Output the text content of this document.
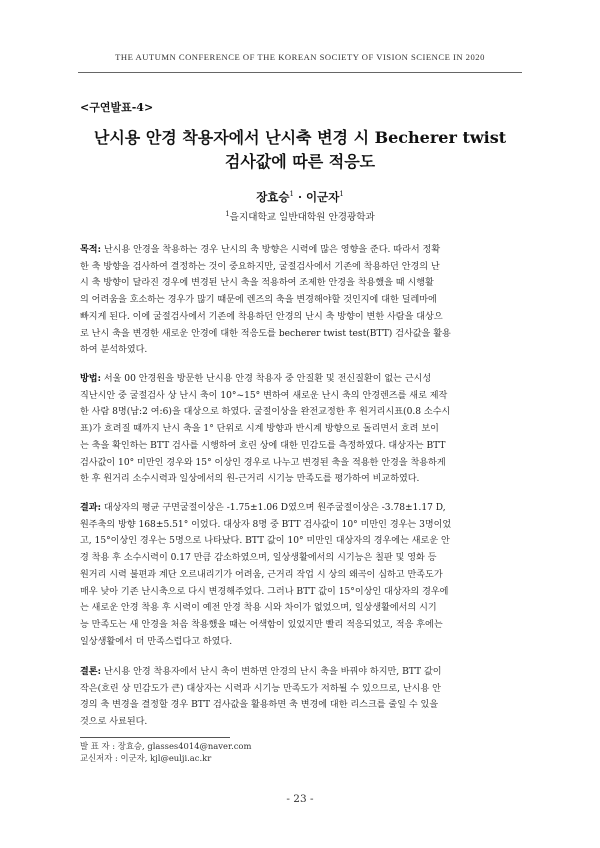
THE AUTUMN CONFERENCE OF THE KOREAN SOCIETY OF VISION SCIENCE IN 2020
<구연발표-4>
난시용 안경 착용자에서 난시축 변경 시 Becherer twist
검사값에 따른 적응도
장효승$^1$ · 이군자$^1$
$^1$을지대학교 일반대학원 안경광학과
목적: 난시용 안경을 착용하는 경우 난시의 축 방향은 시력에 많은 영향을 준다. 따라서 정확
한 축 방향을 검사하여 결정하는 것이 중요하지만, 굴절검사에서 기존에 착용하던 안경의 난
시 축 방향이 달라진 경우에 변경된 난시 축을 적용하여 조제한 안경을 착용했을 때 시행활
의 어려움을 호소하는 경우가 많기 때문에 렌즈의 축을 변경해야할 것인지에 대한 딜레마에
빠지게 된다. 이에 굴절검사에서 기존에 착용하던 안경의 난시 축 방향이 변한 사람을 대상으
로 난시 축을 변경한 새로운 안경에 대한 적응도를 becherer twist test(BTT) 검사값을 활용
하여 분석하였다.
방법: 서울 00 안경원을 방문한 난시용 안경 착용자 중 안질환 및 전신질환이 없는 근시성
직난시안 중 굴절검사 상 난시 축이 10°~15° 변하여 새로운 난시 축의 안경렌즈를 새로 제작
한 사람 8명(남:2 여:6)을 대상으로 하였다. 굴절이상을 완전교정한 후 원거리시표(0.8 소수시
표)가 흐려질 때까지 난시 축을 1° 단위로 시계 방향과 반시계 방향으로 돌리면서 흐려 보이
는 축을 확인하는 BTT 검사를 시행하여 흐린 상에 대한 민감도를 측정하였다. 대상자는 BTT
검사값이 10° 미만인 경우와 15° 이상인 경우로 나누고 변경된 축을 적용한 안경을 착용하게
한 후 원거리 소수시력과 일상에서의 원-근거리 시기능 만족도를 평가하여 비교하였다.
결과: 대상자의 평균 구면굴절이상은 -1.75±1.06 D였으며 원주굴절이상은 -3.78±1.17 D,
원주축의 방향 168±5.51° 이었다. 대상자 8명 중 BTT 검사값이 10° 미만인 경우는 3명이었
고, 15°이상인 경우는 5명으로 나타났다. BTT 값이 10° 미만인 대상자의 경우에는 새로운 안
경 착용 후 소수시력이 0.17 만큼 감소하였으며, 일상생활에서의 시기능은 칠판 및 영화 등
원거리 시력 불편과 계단 오르내리기가 어려움, 근거리 작업 시 상의 왜곡이 심하고 만족도가
매우 낮아 기존 난시축으로 다시 변경해주었다. 그러나 BTT 값이 15°이상인 대상자의 경우에
는 새로운 안경 착용 후 시력이 예전 안경 착용 시와 차이가 없었으며, 일상생활에서의 시기
능 만족도는 새 안경을 처음 착용했을 때는 어색함이 있었지만 빨리 적응되었고, 적응 후에는
일상생활에서 더 만족스럽다고 하였다.
결론: 난시용 안경 착용자에서 난시 축이 변하면 안경의 난시 축을 바꿔야 하지만, BTT 값이
작은(흐린 상 민감도가 큰) 대상자는 시력과 시기능 만족도가 저하될 수 있으므로, 난시용 안
경의 축 변경을 결정할 경우 BTT 검사값을 활용하면 축 변경에 대한 리스크를 줄일 수 있을
것으로 사료된다.
발 표 자 : 장효승, glasses4014@naver.com
교신저자 : 이군자, kjl@eulji.ac.kr
- 23 -
